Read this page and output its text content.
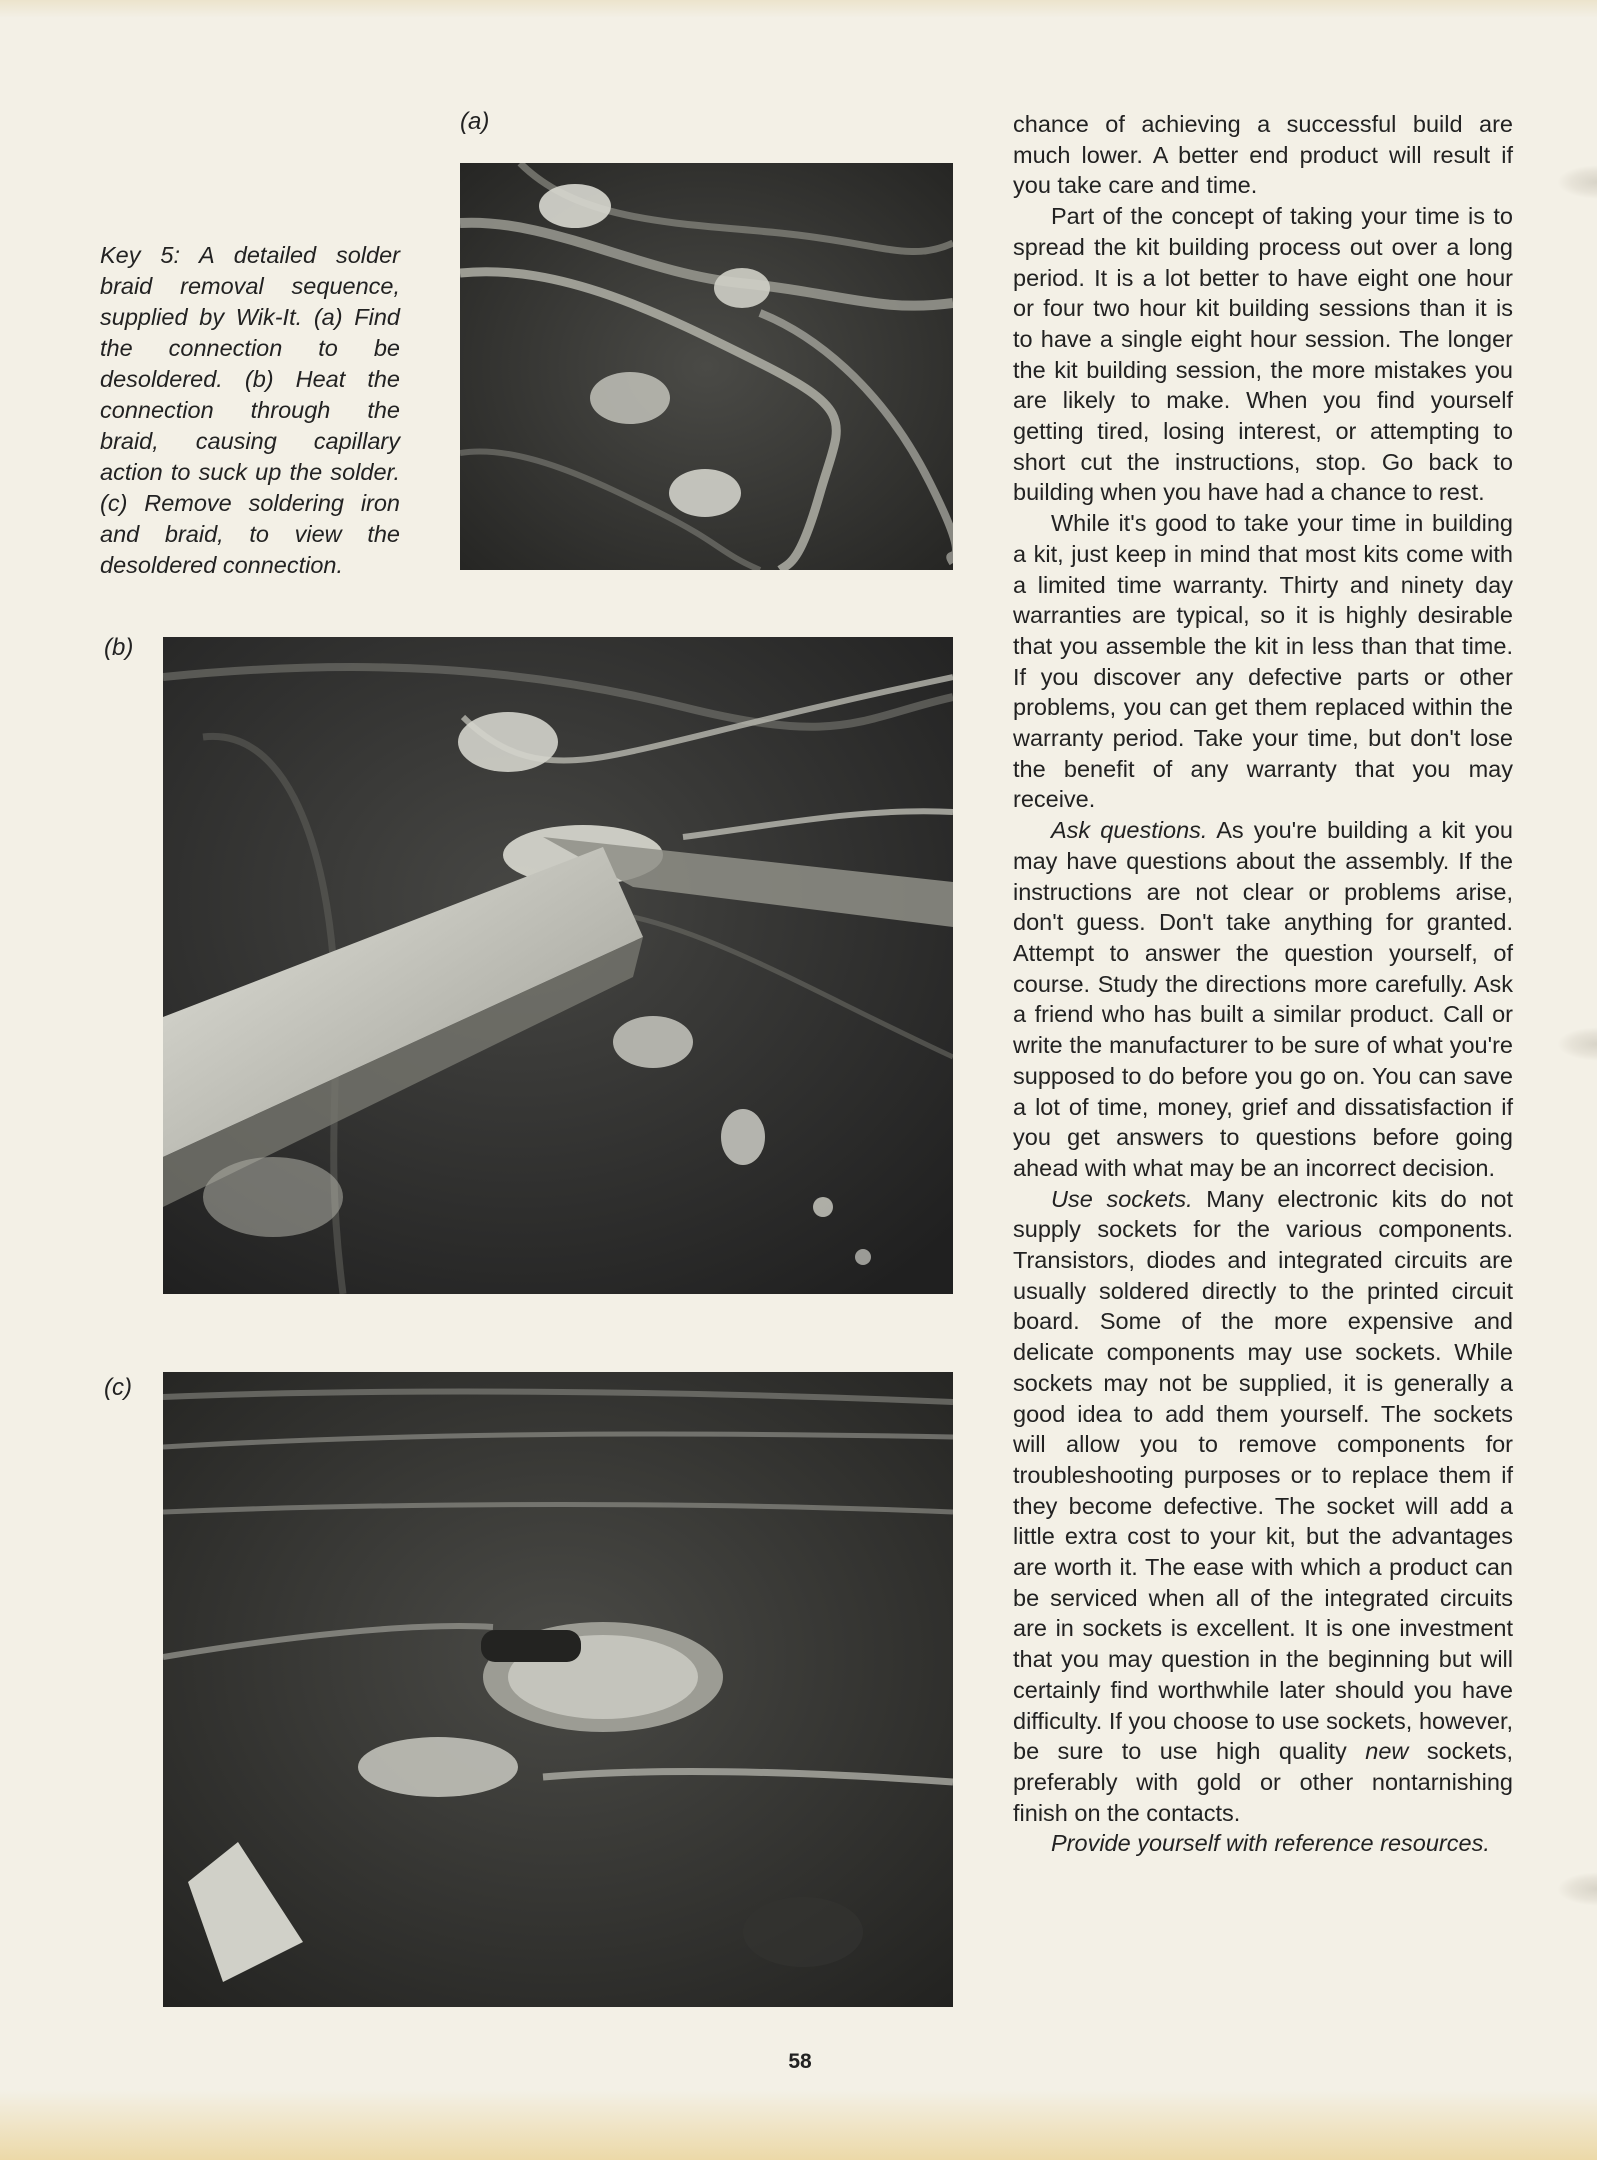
(a)
(b)
(c)
Key 5: A detailed solder braid removal sequence, supplied by Wik-It. (a) Find the connection to be desoldered. (b) Heat the connection through the braid, causing capillary action to suck up the solder. (c) Remove soldering iron and braid, to view the desoldered connection.

chance of achieving a successful build are much lower. A better end product will result if you take care and time.

Part of the concept of taking your time is to spread the kit building process out over a long period. It is a lot better to have eight one hour or four two hour kit building sessions than it is to have a single eight hour session. The longer the kit building session, the more mistakes you are likely to make. When you find yourself getting tired, losing interest, or attempting to short cut the instructions, stop. Go back to building when you have had a chance to rest.

While it's good to take your time in building a kit, just keep in mind that most kits come with a limited time warranty. Thirty and ninety day warranties are typical, so it is highly desirable that you assemble the kit in less than that time. If you discover any defective parts or other problems, you can get them replaced within the warranty period. Take your time, but don't lose the benefit of any warranty that you may receive.

Ask questions. As you're building a kit you may have questions about the assembly. If the instructions are not clear or problems arise, don't guess. Don't take anything for granted. Attempt to answer the question yourself, of course. Study the directions more carefully. Ask a friend who has built a similar product. Call or write the manufacturer to be sure of what you're supposed to do before you go on. You can save a lot of time, money, grief and dissatisfaction if you get answers to questions before going ahead with what may be an incorrect decision.

Use sockets. Many electronic kits do not supply sockets for the various components. Transistors, diodes and integrated circuits are usually soldered directly to the printed circuit board. Some of the more expensive and delicate components may use sockets. While sockets may not be supplied, it is generally a good idea to add them yourself. The sockets will allow you to remove components for troubleshooting purposes or to replace them if they become defective. The socket will add a little extra cost to your kit, but the advantages are worth it. The ease with which a product can be serviced when all of the integrated circuits are in sockets is excellent. It is one investment that you may question in the beginning but will certainly find worthwhile later should you have difficulty. If you choose to use sockets, however, be sure to use high quality new sockets, preferably with gold or other nontarnishing finish on the contacts.

Provide yourself with reference resources.

58
